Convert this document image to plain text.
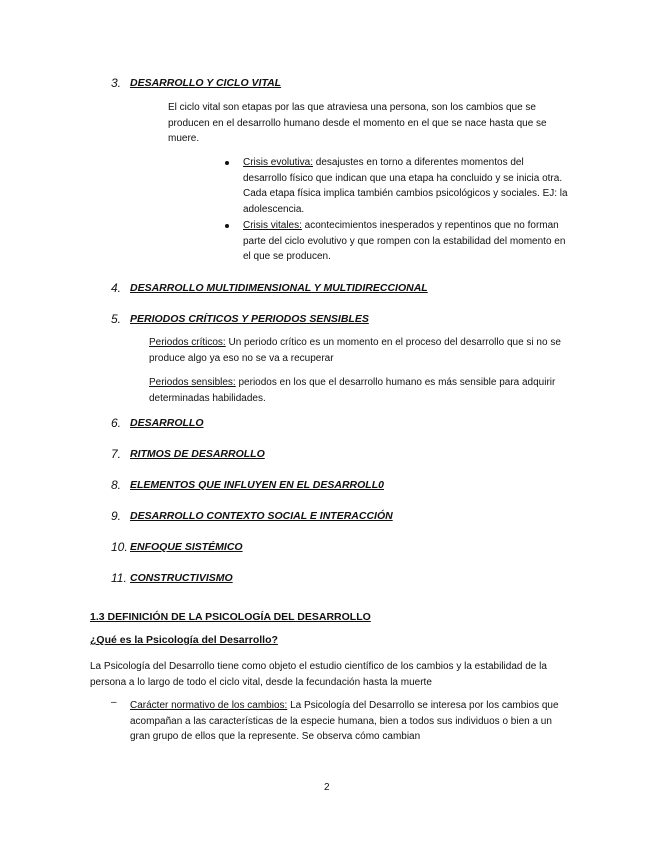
3. DESARROLLO Y CICLO VITAL
El ciclo vital son etapas por las que atraviesa una persona, son los cambios que se producen en el desarrollo humano desde el momento en el que se nace hasta que se muere.
Crisis evolutiva: desajustes en torno a diferentes momentos del desarrollo físico que indican que una etapa ha concluido y se inicia otra. Cada etapa física implica también cambios psicológicos y sociales. EJ: la adolescencia.
Crisis vitales: acontecimientos inesperados y repentinos que no forman parte del ciclo evolutivo y que rompen con la estabilidad del momento en el que se producen.
4. DESARROLLO MULTIDIMENSIONAL Y MULTIDIRECCIONAL
5. PERIODOS CRÍTICOS Y PERIODOS SENSIBLES
Periodos críticos: Un periodo crítico es un momento en el proceso del desarrollo que si no se produce algo ya eso no se va a recuperar
Periodos sensibles: periodos en los que el desarrollo humano es más sensible para adquirir determinadas habilidades.
6. DESARROLLO
7. RITMOS DE DESARROLLO
8. ELEMENTOS QUE INFLUYEN EN EL DESARROLL0
9. DESARROLLO CONTEXTO SOCIAL E INTERACCIÓN
10. ENFOQUE SISTÉMICO
11. CONSTRUCTIVISMO
1.3 DEFINICIÓN DE LA PSICOLOGÍA DEL DESARROLLO
¿Qué es la Psicología del Desarrollo?
La Psicología del Desarrollo tiene como objeto el estudio científico de los cambios y la estabilidad de la persona a lo largo de todo el ciclo vital, desde la fecundación hasta la muerte
– Carácter normativo de los cambios: La Psicología del Desarrollo se interesa por los cambios que acompañan a las características de la especie humana, bien a todos sus individuos o bien a un gran grupo de ellos que la represente. Se observa cómo cambian
2
